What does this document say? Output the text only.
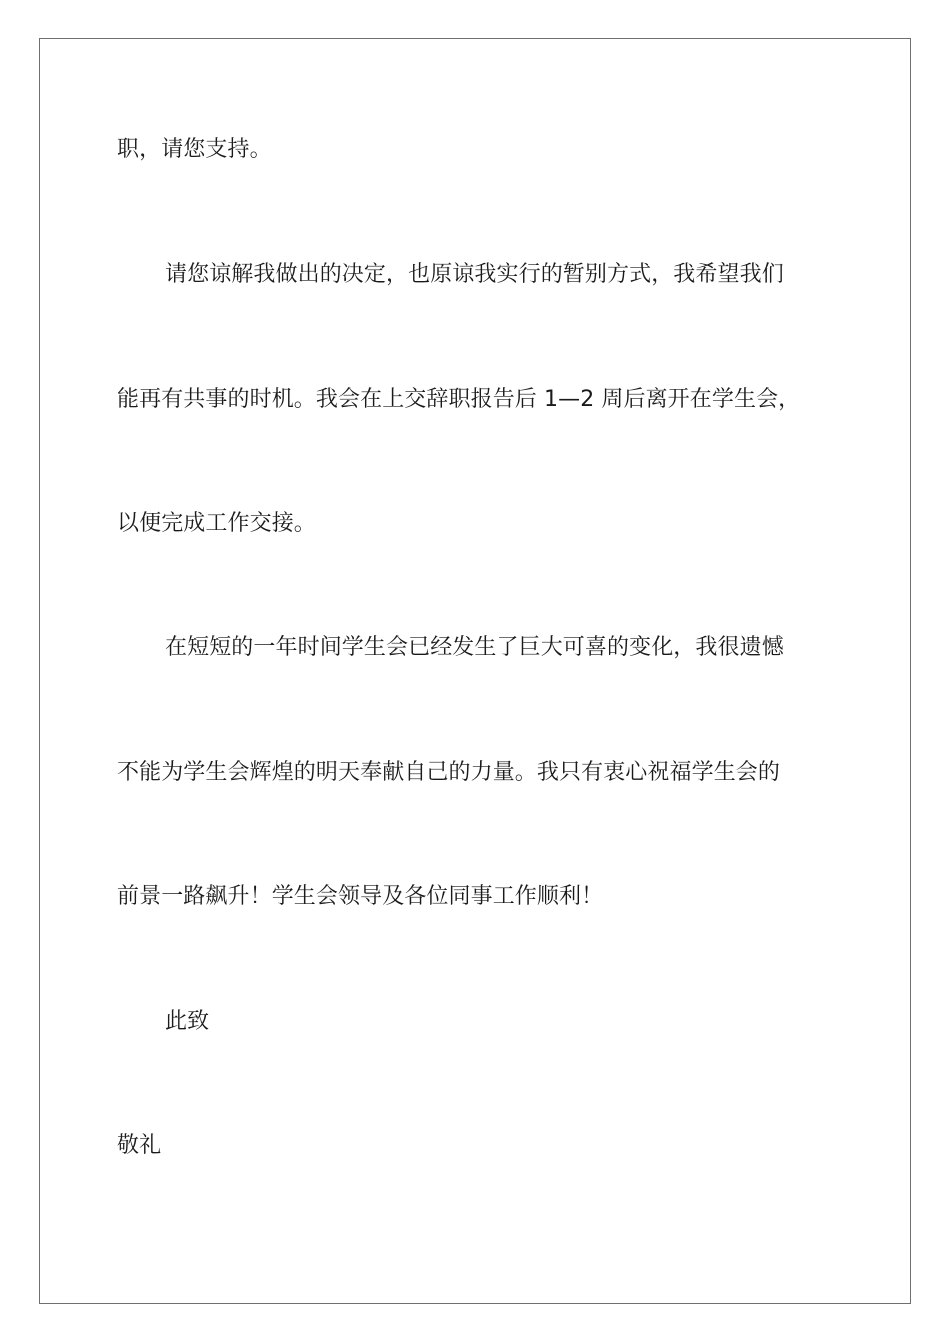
职，请您支持。

请您谅解我做出的决定，也原谅我实行的暂别方式，我希望我们

能再有共事的时机。我会在上交辞职报告后 1—2 周后离开在学生会，

以便完成工作交接。

在短短的一年时间学生会已经发生了巨大可喜的变化，我很遗憾

不能为学生会辉煌的明天奉献自己的力量。我只有衷心祝福学生会的

前景一路飙升！学生会领导及各位同事工作顺利！

此致

敬礼
